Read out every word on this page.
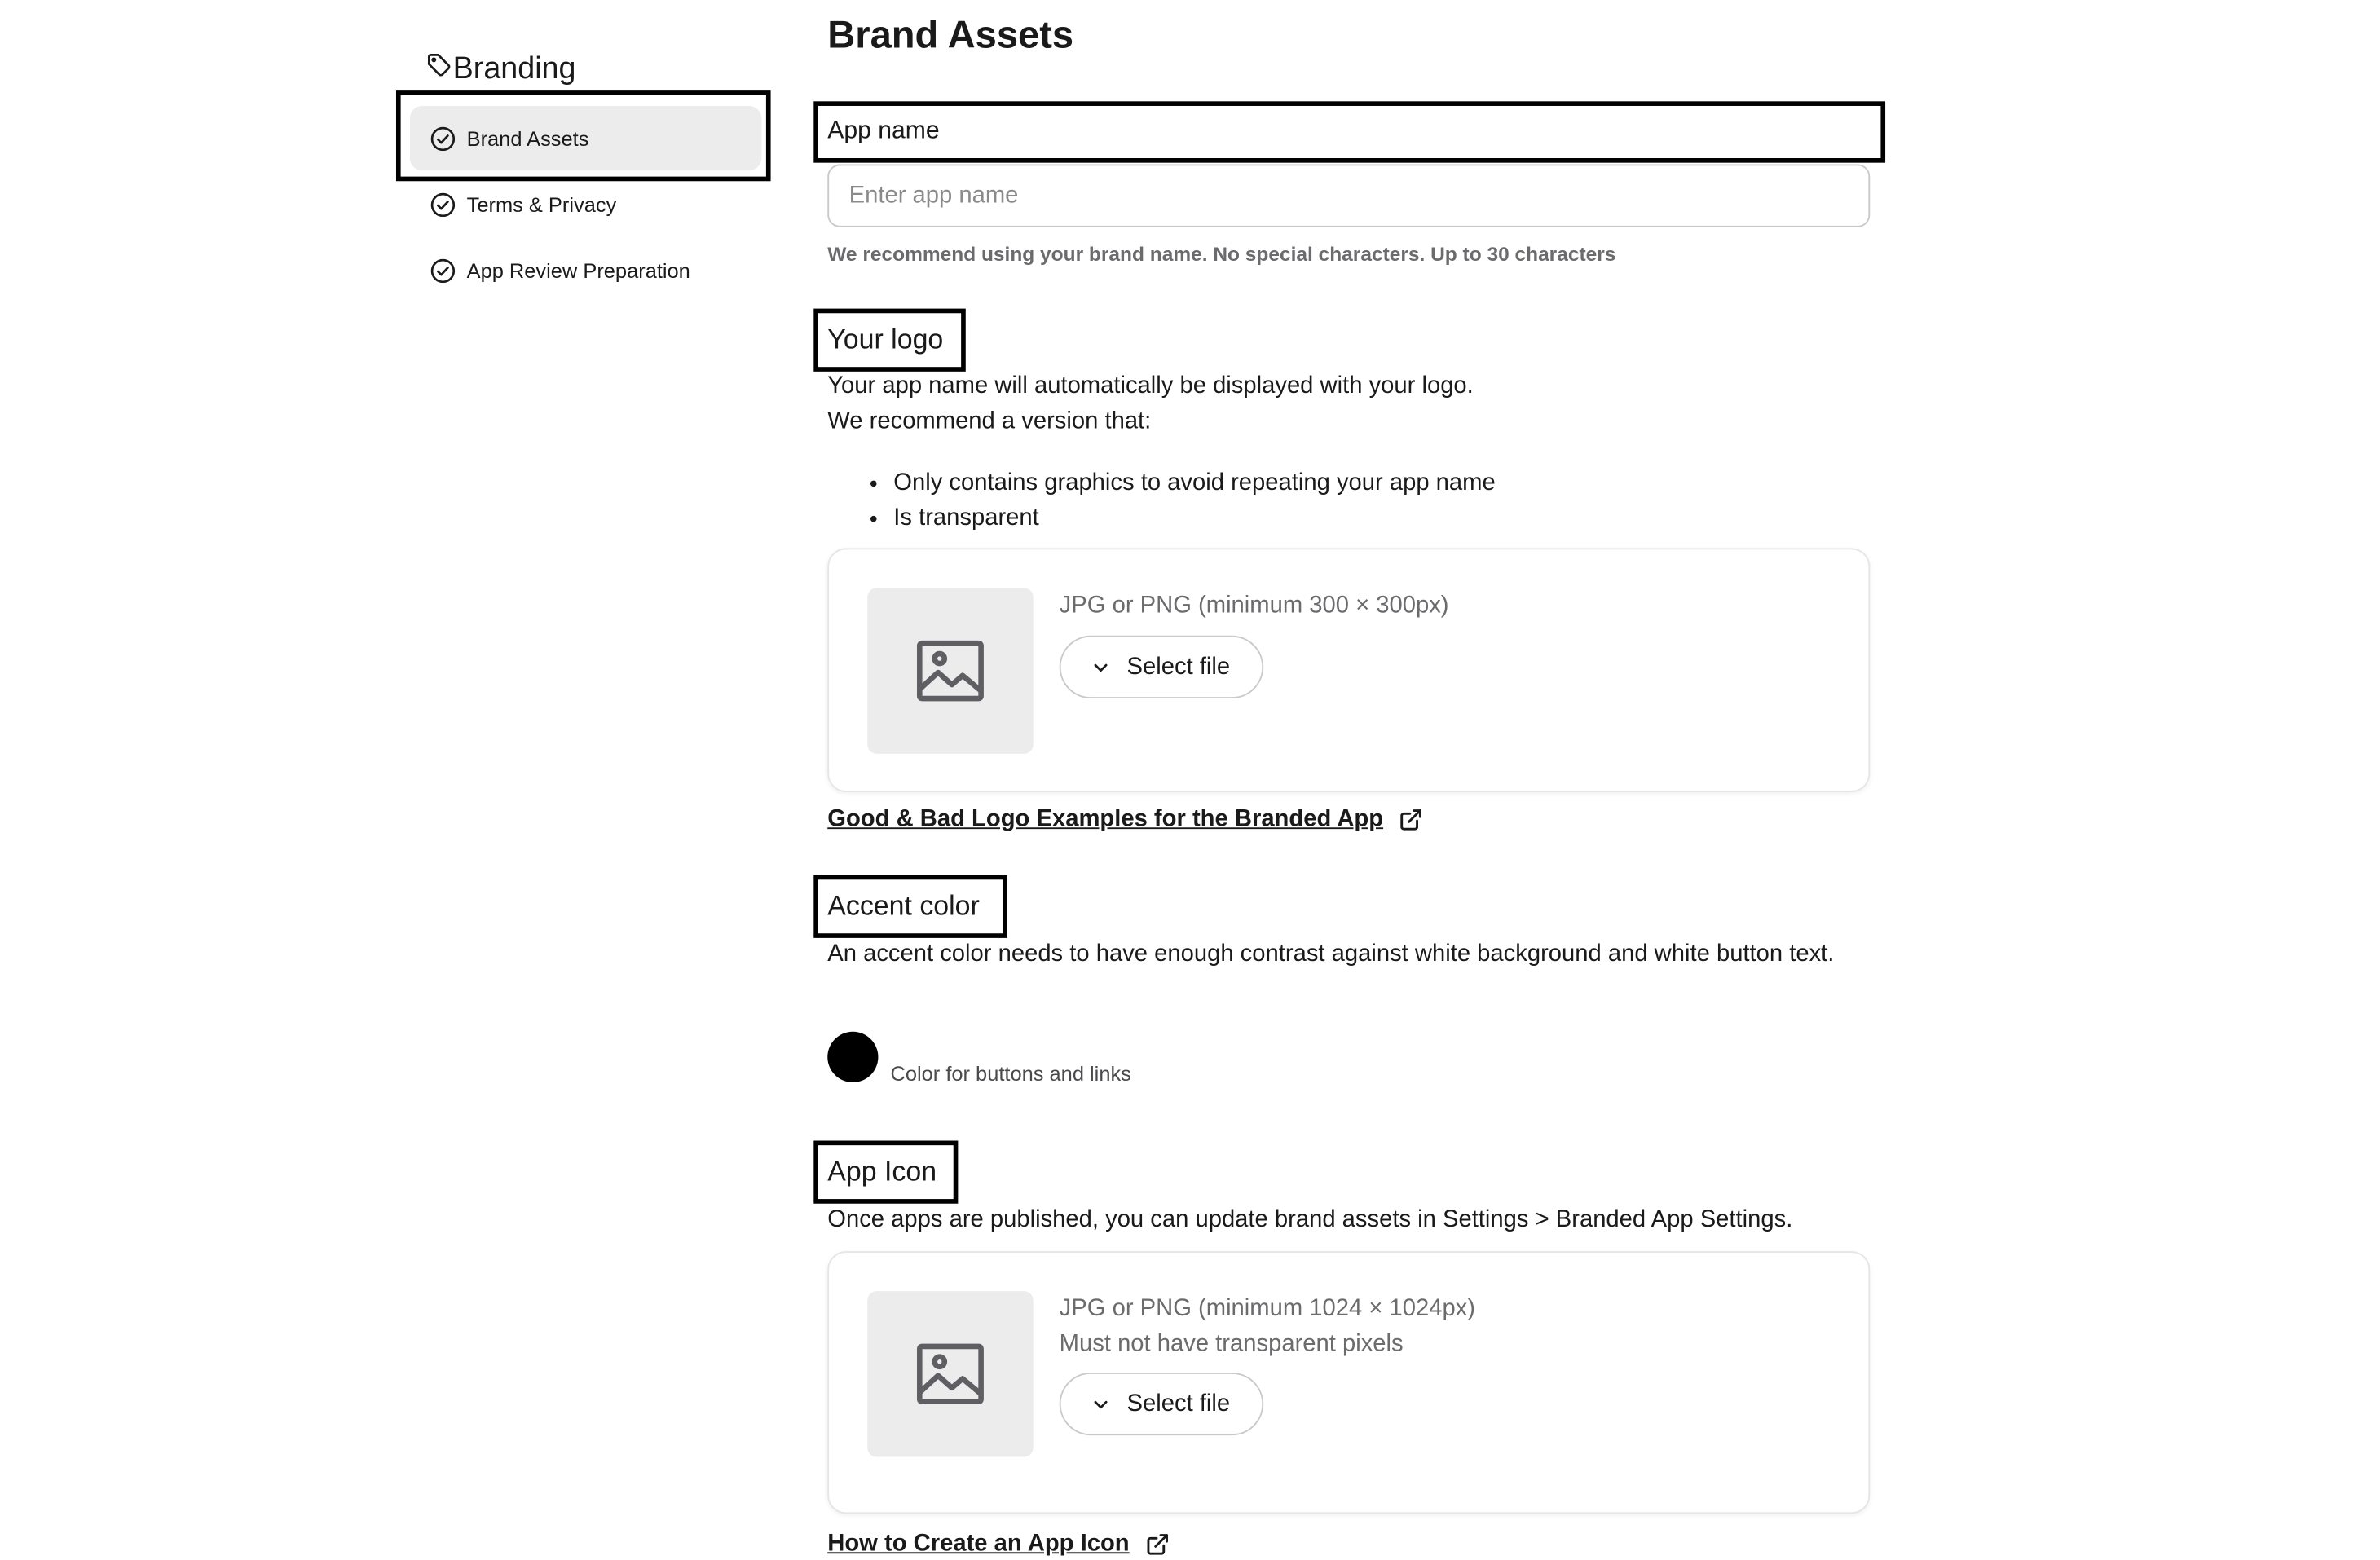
Branding
Brand Assets
Terms & Privacy
App Review Preparation
Brand Assets
App name
Enter app name
We recommend using your brand name. No special characters. Up to 30 characters
Your logo
Your app name will automatically be displayed with your logo.
We recommend a version that:
• Only contains graphics to avoid repeating your app name
• Is transparent
JPG or PNG (minimum 300 × 300px)
Select file
Good & Bad Logo Examples for the Branded App
Accent color
An accent color needs to have enough contrast against white background and white button text.
Color for buttons and links
App Icon
Once apps are published, you can update brand assets in Settings > Branded App Settings.
JPG or PNG (minimum 1024 × 1024px)
Must not have transparent pixels
Select file
How to Create an App Icon
